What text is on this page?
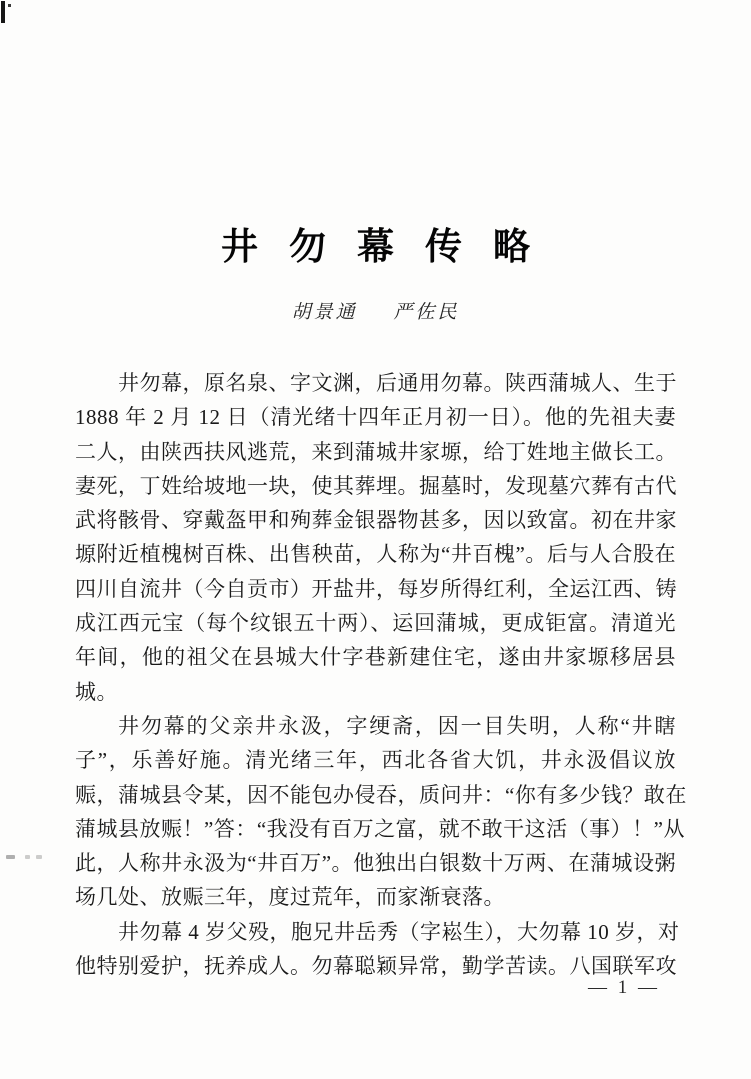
井勿幕传略
胡景通 严佐民
井勿幕，原名泉、字文渊，后通用勿幕。陕西蒲城人、生于
1888 年 2 月 12 日（清光绪十四年正月初一日）。他的先祖夫妻
二人，由陕西扶风逃荒，来到蒲城井家塬，给丁姓地主做长工。
妻死，丁姓给坡地一块，使其葬埋。掘墓时，发现墓穴葬有古代
武将骸骨、穿戴盔甲和殉葬金银器物甚多，因以致富。初在井家
塬附近植槐树百株、出售秧苗，人称为“井百槐”。后与人合股在
四川自流井（今自贡市）开盐井，每岁所得红利，全运江西、铸
成江西元宝（每个纹银五十两）、运回蒲城，更成钜富。清道光
年间，他的祖父在县城大什字巷新建住宅，遂由井家塬移居县
城。
井勿幕的父亲井永汲，字绠斋，因一目失明，人称“井瞎
子”，乐善好施。清光绪三年，西北各省大饥，井永汲倡议放
赈，蒲城县令某，因不能包办侵吞，质问井：“你有多少钱？敢在
蒲城县放赈！”答：“我没有百万之富，就不敢干这活（事）！”从
此，人称井永汲为“井百万”。他独出白银数十万两、在蒲城设粥
场几处、放赈三年，度过荒年，而家渐衰落。
井勿幕 4 岁父殁，胞兄井岳秀（字崧生），大勿幕 10 岁，对
他特别爱护，抚养成人。勿幕聪颖异常，勤学苦读。八国联军攻
— 1 —
